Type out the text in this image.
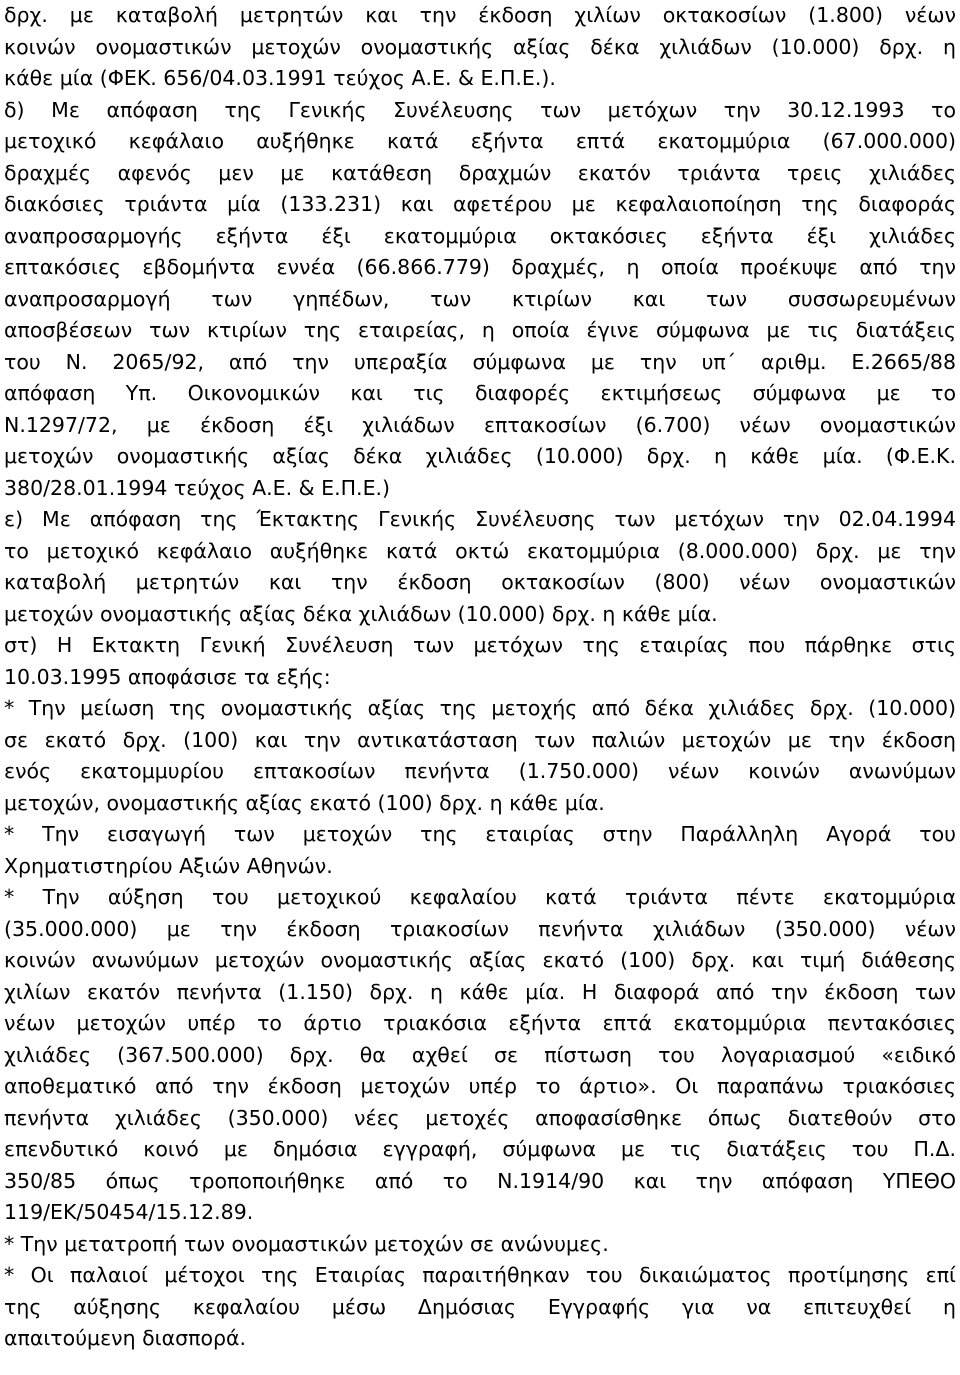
δρχ. με καταβολή μετρητών και την έκδοση χιλίων οκτακοσίων (1.800) νέων
κοινών ονομαστικών μετοχών ονομαστικής αξίας δέκα χιλιάδων (10.000) δρχ. η
κάθε μία (ΦΕΚ. 656/04.03.1991 τεύχος Α.Ε. & Ε.Π.Ε.).
δ) Με απόφαση της Γενικής Συνέλευσης των μετόχων την 30.12.1993 το
μετοχικό κεφάλαιο αυξήθηκε κατά εξήντα επτά εκατομμύρια (67.000.000)
δραχμές αφενός μεν με κατάθεση δραχμών εκατόν τριάντα τρεις χιλιάδες
διακόσιες τριάντα μία (133.231) και αφετέρου με κεφαλαιοποίηση της διαφοράς
αναπροσαρμογής εξήντα έξι εκατομμύρια οκτακόσιες εξήντα έξι χιλιάδες
επτακόσιες εβδομήντα εννέα (66.866.779) δραχμές, η οποία προέκυψε από την
αναπροσαρμογή των γηπέδων, των κτιρίων και των συσσωρευμένων
αποσβέσεων των κτιρίων της εταιρείας, η οποία έγινε σύμφωνα με τις διατάξεις
του Ν. 2065/92, από την υπεραξία σύμφωνα με την υπ΄ αριθμ. Ε.2665/88
απόφαση Υπ. Οικονομικών και τις διαφορές εκτιμήσεως σύμφωνα με το
Ν.1297/72, με έκδοση έξι χιλιάδων επτακοσίων (6.700) νέων ονομαστικών
μετοχών ονομαστικής αξίας δέκα χιλιάδες (10.000) δρχ. η κάθε μία. (Φ.Ε.Κ.
380/28.01.1994 τεύχος Α.Ε. & Ε.Π.Ε.)
ε) Με απόφαση της Έκτακτης Γενικής Συνέλευσης των μετόχων την 02.04.1994
το μετοχικό κεφάλαιο αυξήθηκε κατά οκτώ εκατομμύρια (8.000.000) δρχ. με την
καταβολή μετρητών και την έκδοση οκτακοσίων (800) νέων ονομαστικών
μετοχών ονομαστικής αξίας δέκα χιλιάδων (10.000) δρχ. η κάθε μία.
στ) Η Εκτακτη Γενική Συνέλευση των μετόχων της εταιρίας που πάρθηκε στις
10.03.1995 αποφάσισε τα εξής:
* Την μείωση της ονομαστικής αξίας της μετοχής από δέκα χιλιάδες δρχ. (10.000)
σε εκατό δρχ. (100) και την αντικατάσταση των παλιών μετοχών με την έκδοση
ενός εκατομμυρίου επτακοσίων πενήντα (1.750.000) νέων κοινών ανωνύμων
μετοχών, ονομαστικής αξίας εκατό (100) δρχ. η κάθε μία.
* Την εισαγωγή των μετοχών της εταιρίας στην Παράλληλη Αγορά του
Χρηματιστηρίου Αξιών Αθηνών.
* Την αύξηση του μετοχικού κεφαλαίου κατά τριάντα πέντε εκατομμύρια
(35.000.000) με την έκδοση τριακοσίων πενήντα χιλιάδων (350.000) νέων
κοινών ανωνύμων μετοχών ονομαστικής αξίας εκατό (100) δρχ. και τιμή διάθεσης
χιλίων εκατόν πενήντα (1.150) δρχ. η κάθε μία. Η διαφορά από την έκδοση των
νέων μετοχών υπέρ το άρτιο τριακόσια εξήντα επτά εκατομμύρια πεντακόσιες
χιλιάδες (367.500.000) δρχ. θα αχθεί σε πίστωση του λογαριασμού «ειδικό
αποθεματικό από την έκδοση μετοχών υπέρ το άρτιο». Οι παραπάνω τριακόσιες
πενήντα χιλιάδες (350.000) νέες μετοχές αποφασίσθηκε όπως διατεθούν στο
επενδυτικό κοινό με δημόσια εγγραφή, σύμφωνα με τις διατάξεις του Π.Δ.
350/85 όπως τροποποιήθηκε από το Ν.1914/90 και την απόφαση ΥΠΕΘΟ
119/ΕΚ/50454/15.12.89.
* Την μετατροπή των ονομαστικών μετοχών σε ανώνυμες.
* Οι παλαιοί μέτοχοι της Εταιρίας παραιτήθηκαν του δικαιώματος προτίμησης επί
της αύξησης κεφαλαίου μέσω Δημόσιας Εγγραφής για να επιτευχθεί η
απαιτούμενη διασπορά.
